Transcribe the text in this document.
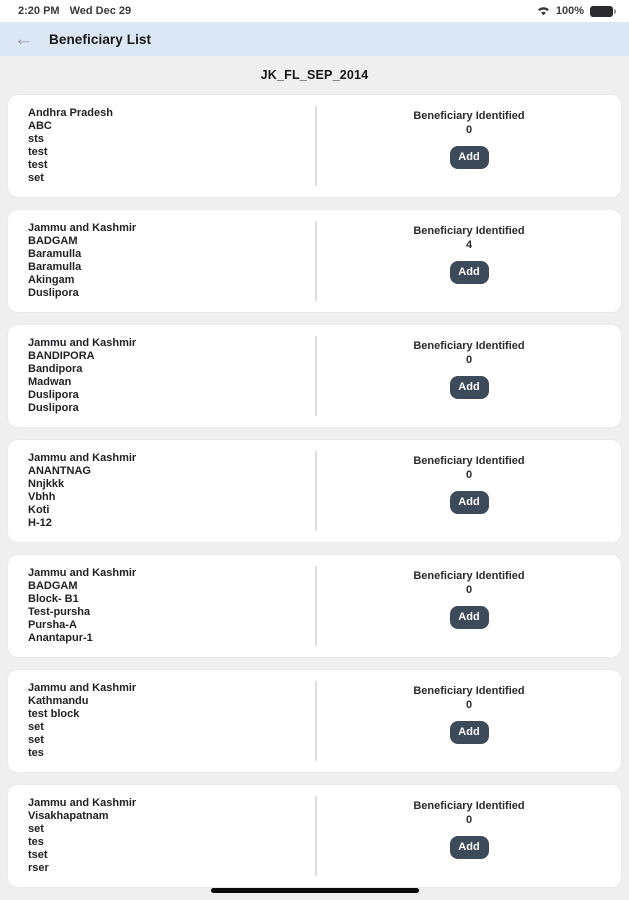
2:20 PM Wed Dec 29	100%
← Beneficiary List
JK_FL_SEP_2014
Andhra Pradesh
ABC
sts
test
test
set
Beneficiary Identified
0
Add
Jammu and Kashmir
BADGAM
Baramulla
Baramulla
Akingam
Duslipora
Beneficiary Identified
4
Add
Jammu and Kashmir
BANDIPORA
Bandipora
Madwan
Duslipora
Duslipora
Beneficiary Identified
0
Add
Jammu and Kashmir
ANANTNAG
Nnjkkk
Vbhh
Koti
H-12
Beneficiary Identified
0
Add
Jammu and Kashmir
BADGAM
Block- B1
Test-pursha
Pursha-A
Anantapur-1
Beneficiary Identified
0
Add
Jammu and Kashmir
Kathmandu
test block
set
set
tes
Beneficiary Identified
0
Add
Jammu and Kashmir
Visakhapatnam
set
tes
tset
rser
Beneficiary Identified
0
Add
